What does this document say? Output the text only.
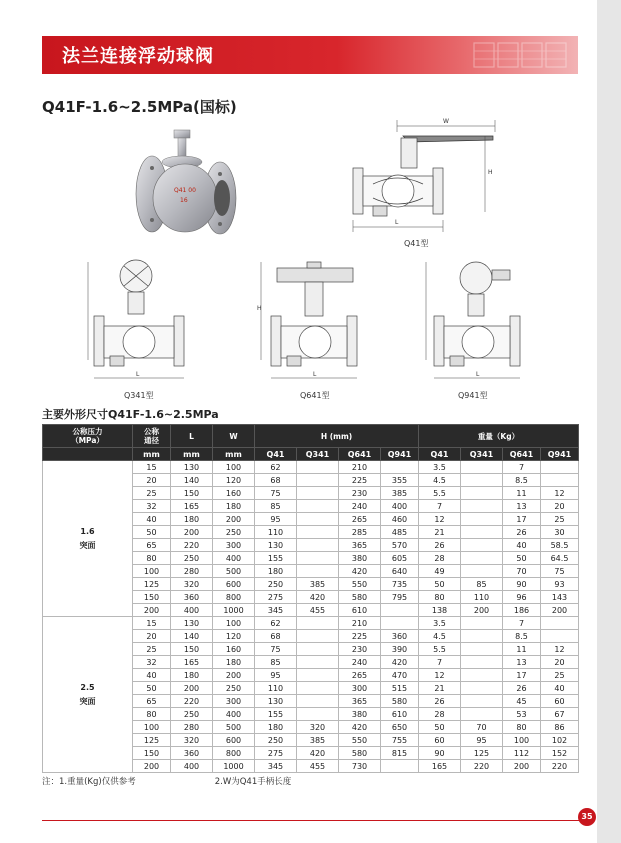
法兰连接浮动球阀
Q41F-1.6~2.5MPa(国标)
Q41 00
16
W
H
L
Q41型
L
Q341型
H
L
Q641型
L
Q941型
主要外形尺寸Q41F-1.6~2.5MPa
公称压力
（MPa）	公称
通径	L	W	H (mm)				重量（Kg）			
	mm	mm	mm	Q41	Q341	Q641	Q941	Q41	Q341	Q641	Q941

1.6
突面	15	130	100	62		210		3.5		7	
	20	140	120	68		225	355	4.5		8.5	
	25	150	160	75		230	385	5.5		11	12
	32	165	180	85		240	400	7		13	20
	40	180	200	95		265	460	12		17	25
	50	200	250	110		285	485	21		26	30
	65	220	300	130		365	570	26		40	58.5
	80	250	400	155		380	605	28		50	64.5
	100	280	500	180		420	640	49		70	75
	125	320	600	250	385	550	735	50	85	90	93
	150	360	800	275	420	580	795	80	110	96	143
	200	400	1000	345	455	610		138	200	186	200

2.5
突面	15	130	100	62		210		3.5		7	
	20	140	120	68		225	360	4.5		8.5	
	25	150	160	75		230	390	5.5		11	12
	32	165	180	85		240	420	7		13	20
	40	180	200	95		265	470	12		17	25
	50	200	250	110		300	515	21		26	40
	65	220	300	130		365	580	26		45	60
	80	250	400	155		380	610	28		53	67
	100	280	500	180	320	420	650	50	70	80	86
	125	320	600	250	385	550	755	60	95	100	102
	150	360	800	275	420	580	815	90	125	112	152
	200	400	1000	345	455	730		165	220	200	220
注：1.重量(Kg)仅供参考	2.W为Q41手柄长度
35
